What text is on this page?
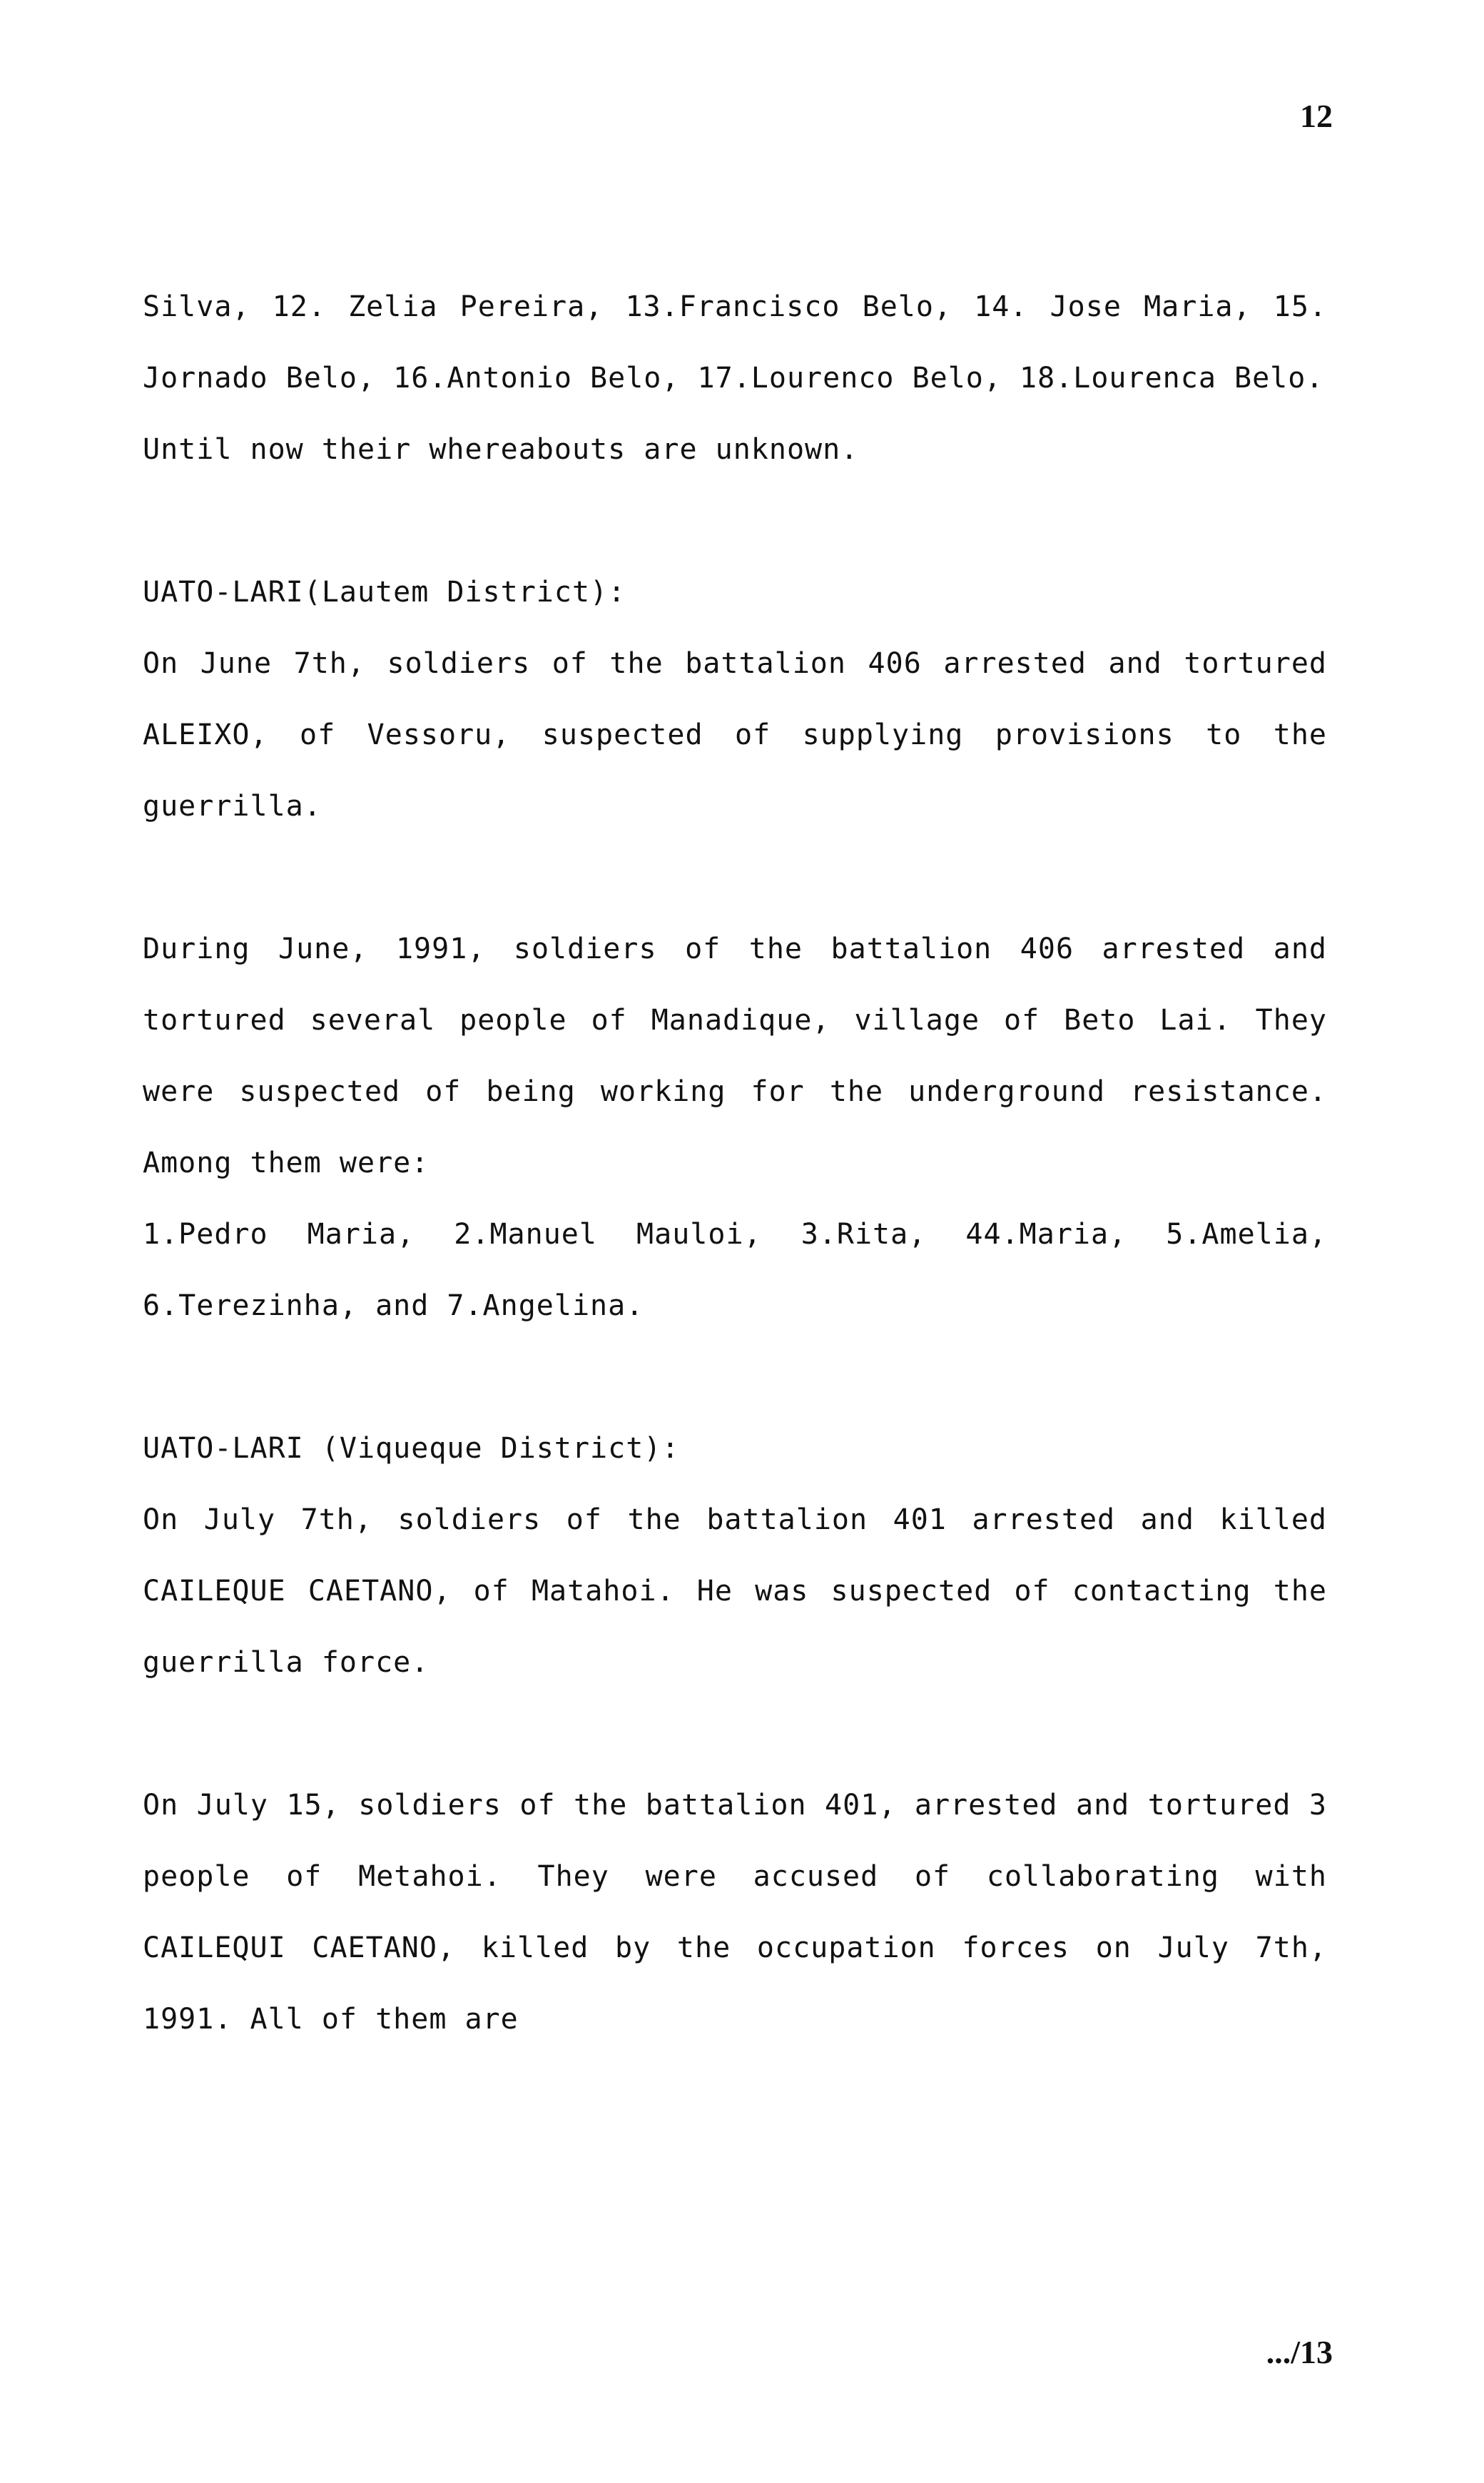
12

Silva, 12. Zelia Pereira, 13.Francisco Belo, 14. Jose Maria, 15. Jornado Belo, 16.Antonio Belo, 17.Lourenco Belo, 18.Lourenca Belo.

Until now their whereabouts are unknown.

UATO-LARI(Lautem District):

On June 7th, soldiers of the battalion 406 arrested and tortured ALEIXO, of Vessoru, suspected of supplying provisions to the guerrilla.

During June, 1991, soldiers of the battalion 406 arrested and tortured several people of Manadique, village of Beto Lai. They were suspected of being working for the underground resistance. Among them were:

1.Pedro Maria, 2.Manuel Mauloi, 3.Rita, 44.Maria, 5.Amelia, 6.Terezinha, and 7.Angelina.

UATO-LARI (Viqueque District):

On July 7th, soldiers of the battalion 401 arrested and killed CAILEQUE CAETANO, of Matahoi. He was suspected of contacting the guerrilla force.

On July 15, soldiers of the battalion 401, arrested and tortured 3 people of Metahoi. They were accused of collaborating with CAILEQUI CAETANO, killed by the occupation forces on July 7th, 1991. All of them are

.../13
